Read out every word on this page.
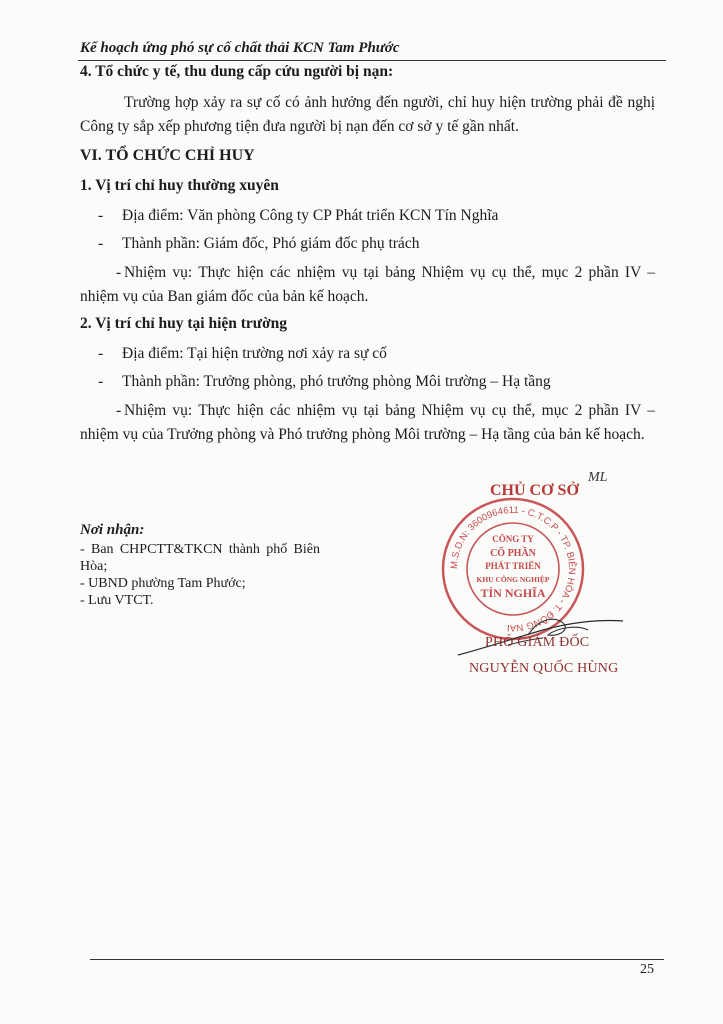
Kế hoạch ứng phó sự cố chất thải KCN Tam Phước
4. Tổ chức y tế, thu dung cấp cứu người bị nạn:
Trường hợp xảy ra sự cố có ảnh hưởng đến người, chỉ huy hiện trường phải đề nghị Công ty sắp xếp phương tiện đưa người bị nạn đến cơ sở y tế gần nhất.
VI. TỔ CHỨC CHỈ HUY
1. Vị trí chỉ huy thường xuyên
- Địa điểm: Văn phòng Công ty CP Phát triển KCN Tín Nghĩa
- Thành phần: Giám đốc, Phó giám đốc phụ trách
- Nhiệm vụ: Thực hiện các nhiệm vụ tại bảng Nhiệm vụ cụ thể, mục 2 phần IV – nhiệm vụ của Ban giám đốc của bản kế hoạch.
2. Vị trí chỉ huy tại hiện trường
- Địa điểm: Tại hiện trường nơi xảy ra sự cố
- Thành phần: Trưởng phòng, phó trưởng phòng Môi trường – Hạ tầng
- Nhiệm vụ: Thực hiện các nhiệm vụ tại bảng Nhiệm vụ cụ thể, mục 2 phần IV – nhiệm vụ của Trưởng phòng và Phó trưởng phòng Môi trường – Hạ tầng của bản kế hoạch.
Nơi nhận:
- Ban CHPCTT&TKCN thành phố Biên Hòa;
- UBND phường Tam Phước;
- Lưu VTCT.
CHỦ CƠ SỞ
ML
M.S.D.N: 3600964611 - C.T.C.P - TP. BIÊN HÒA - T. ĐỒNG NAI
CÔNG TY
CỔ PHẦN
PHÁT TRIỂN
KHU CÔNG NGHIỆP
TÍN NGHĨA
PHÓ GIÁM ĐỐC
NGUYỄN QUỐC HÙNG
25
